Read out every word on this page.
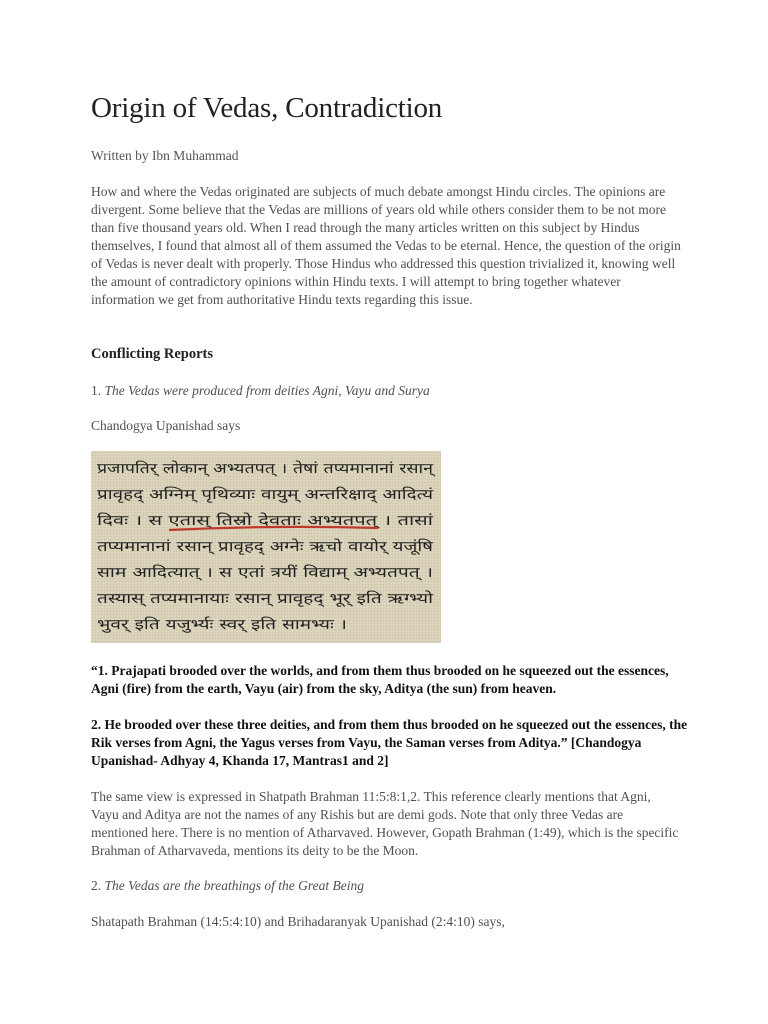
Origin of Vedas, Contradiction
Written by Ibn Muhammad

How and where the Vedas originated are subjects of much debate amongst Hindu circles. The opinions are divergent. Some believe that the Vedas are millions of years old while others consider them to be not more than five thousand years old. When I read through the many articles written on this subject by Hindus themselves, I found that almost all of them assumed the Vedas to be eternal. Hence, the question of the origin of Vedas is never dealt with properly. Those Hindus who addressed this question trivialized it, knowing well the amount of contradictory opinions within Hindu texts. I will attempt to bring together whatever information we get from authoritative Hindu texts regarding this issue.

Conflicting Reports
1. The Vedas were produced from deities Agni, Vayu and Surya
Chandogya Upanishad says
प्रजापतिर् लोकान् अभ्यतपत् । तेषां तप्यमानानां रसान्
प्रावृहद् अग्निम् पृथिव्याः वायुम् अन्तरिक्षाद् आदित्यं
दिवः । स एतास् तिस्रो देवताः अभ्यतपत् । तासां
तप्यमानानां रसान् प्रावृहद् अग्नेः ऋचो वायोर् यजूंषि
साम आदित्यात् । स एतां त्रयीं विद्याम् अभ्यतपत् ।
तस्यास् तप्यमानायाः रसान् प्रावृहद् भूर् इति ऋग्भ्यो
भुवर् इति यजुर्भ्यः स्वर् इति सामभ्यः ।

“1. Prajapati brooded over the worlds, and from them thus brooded on he squeezed out the essences, Agni (fire) from the earth, Vayu (air) from the sky, Aditya (the sun) from heaven.

2. He brooded over these three deities, and from them thus brooded on he squeezed out the essences, the Rik verses from Agni, the Yagus verses from Vayu, the Saman verses from Aditya.” [Chandogya Upanishad- Adhyay 4, Khanda 17, Mantras1 and 2]

The same view is expressed in Shatpath Brahman 11:5:8:1,2. This reference clearly mentions that Agni, Vayu and Aditya are not the names of any Rishis but are demi gods. Note that only three Vedas are mentioned here. There is no mention of Atharvaved. However, Gopath Brahman (1:49), which is the specific Brahman of Atharvaveda, mentions its deity to be the Moon.

2. The Vedas are the breathings of the Great Being
Shatapath Brahman (14:5:4:10) and Brihadaranyak Upanishad (2:4:10) says,
